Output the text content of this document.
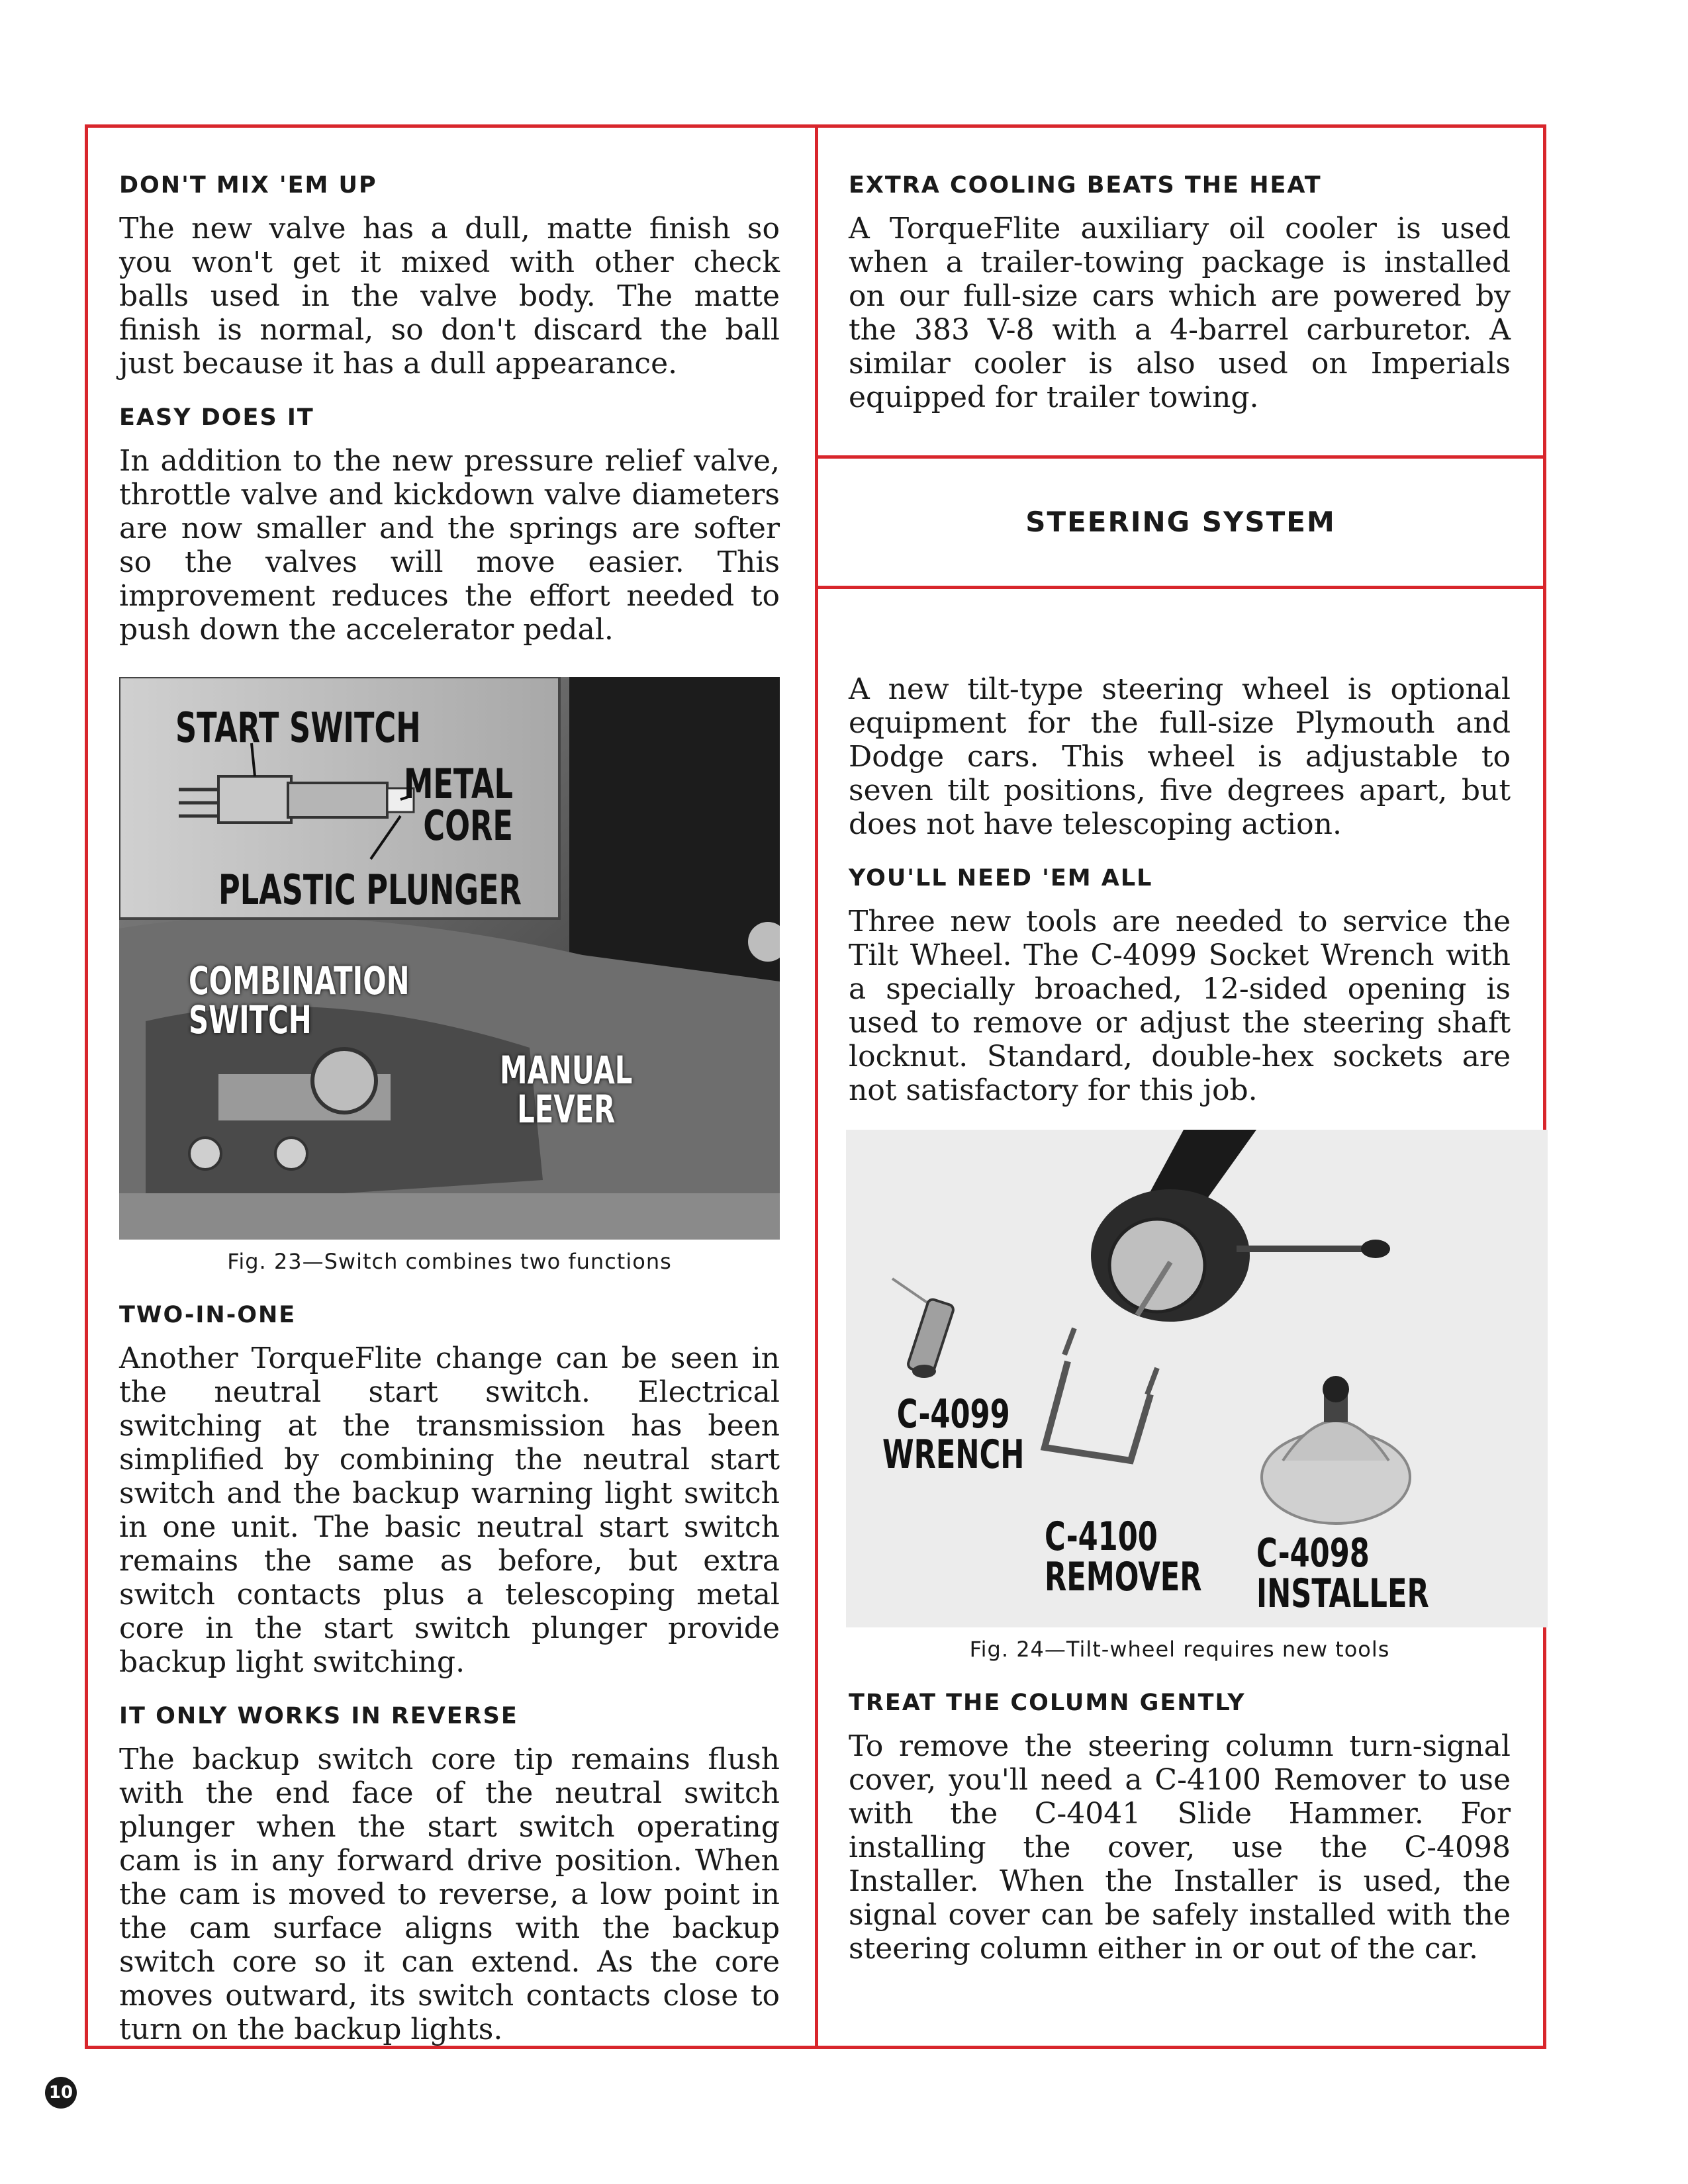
DON'T MIX 'EM UP

The new valve has a dull, matte finish so you won't get it mixed with other check balls used in the valve body. The matte finish is normal, so don't discard the ball just because it has a dull appearance.

EASY DOES IT

In addition to the new pressure relief valve, throttle valve and kickdown valve diameters are now smaller and the springs are softer so the valves will move easier. This improvement reduces the effort needed to push down the accelerator pedal.

START SWITCH
METAL
CORE
PLASTIC PLUNGER
COMBINATION
SWITCH
MANUAL
LEVER
Fig. 23—Switch combines two functions
TWO-IN-ONE

Another TorqueFlite change can be seen in the neutral start switch. Electrical switching at the transmission has been simplified by combining the neutral start switch and the backup warning light switch in one unit. The basic neutral start switch remains the same as before, but extra switch contacts plus a telescoping metal core in the start switch plunger provide backup light switching.

IT ONLY WORKS IN REVERSE

The backup switch core tip remains flush with the end face of the neutral switch plunger when the start switch operating cam is in any forward drive position. When the cam is moved to reverse, a low point in the cam surface aligns with the backup switch core so it can extend. As the core moves outward, its switch contacts close to turn on the backup lights.

EXTRA COOLING BEATS THE HEAT

A TorqueFlite auxiliary oil cooler is used when a trailer-towing package is installed on our full-size cars which are powered by the 383 V-8 with a 4-barrel carburetor. A similar cooler is also used on Imperials equipped for trailer towing.

STEERING SYSTEM

A new tilt-type steering wheel is optional equipment for the full-size Plymouth and Dodge cars. This wheel is adjustable to seven tilt positions, five degrees apart, but does not have telescoping action.

YOU'LL NEED 'EM ALL

Three new tools are needed to service the Tilt Wheel. The C-4099 Socket Wrench with a specially broached, 12-sided opening is used to remove or adjust the steering shaft locknut. Standard, double-hex sockets are not satisfactory for this job.

C-4099
WRENCH
C-4100
REMOVER
C-4098
INSTALLER
Fig. 24—Tilt-wheel requires new tools
TREAT THE COLUMN GENTLY

To remove the steering column turn-signal cover, you'll need a C-4100 Remover to use with the C-4041 Slide Hammer. For installing the cover, use the C-4098 Installer. When the Installer is used, the signal cover can be safely installed with the steering column either in or out of the car.

10
